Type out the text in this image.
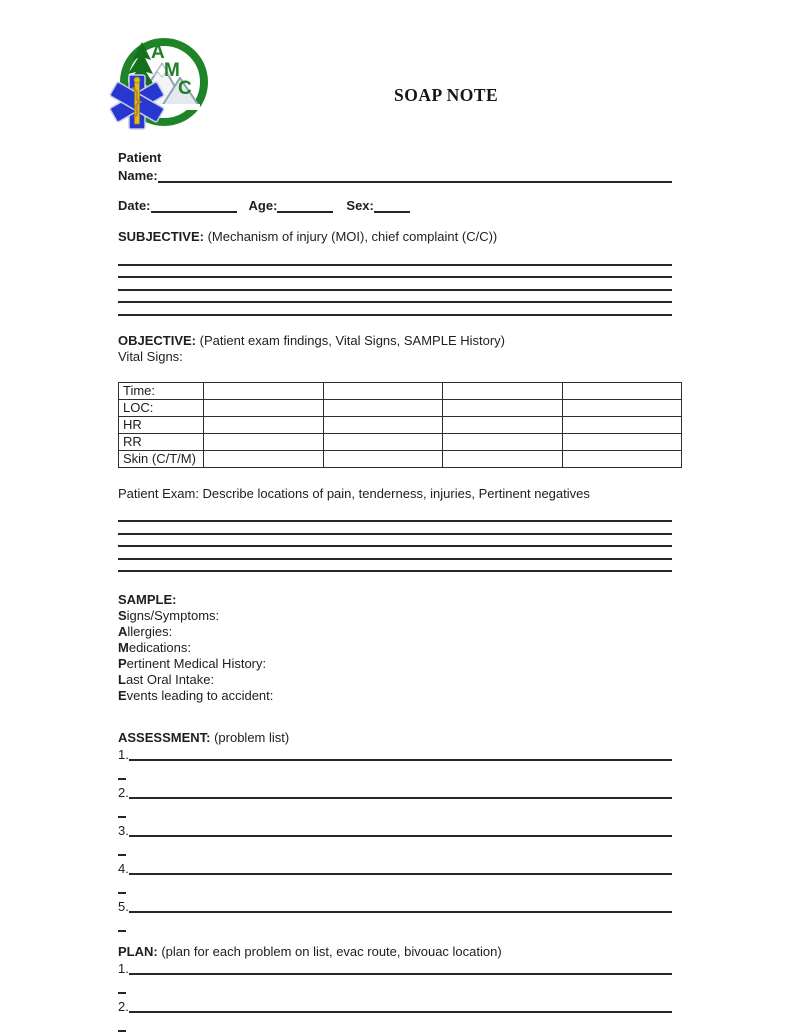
A
M
C	SOAP NOTE
Patient
Name:
Date:	Age:	Sex:
SUBJECTIVE: (Mechanism of injury (MOI), chief complaint (C/C))
OBJECTIVE: (Patient exam findings, Vital Signs, SAMPLE History)
Vital Signs:
Time:				
LOC:				
HR				
RR				
Skin (C/T/M)				
Patient Exam: Describe locations of pain, tenderness, injuries, Pertinent negatives
SAMPLE:
Signs/Symptoms:
Allergies:
Medications:
Pertinent Medical History:
Last Oral Intake:
Events leading to accident:
ASSESSMENT: (problem list)
1.
2.
3.
4.
5.
PLAN: (plan for each problem on list, evac route, bivouac location)
1.
2.
